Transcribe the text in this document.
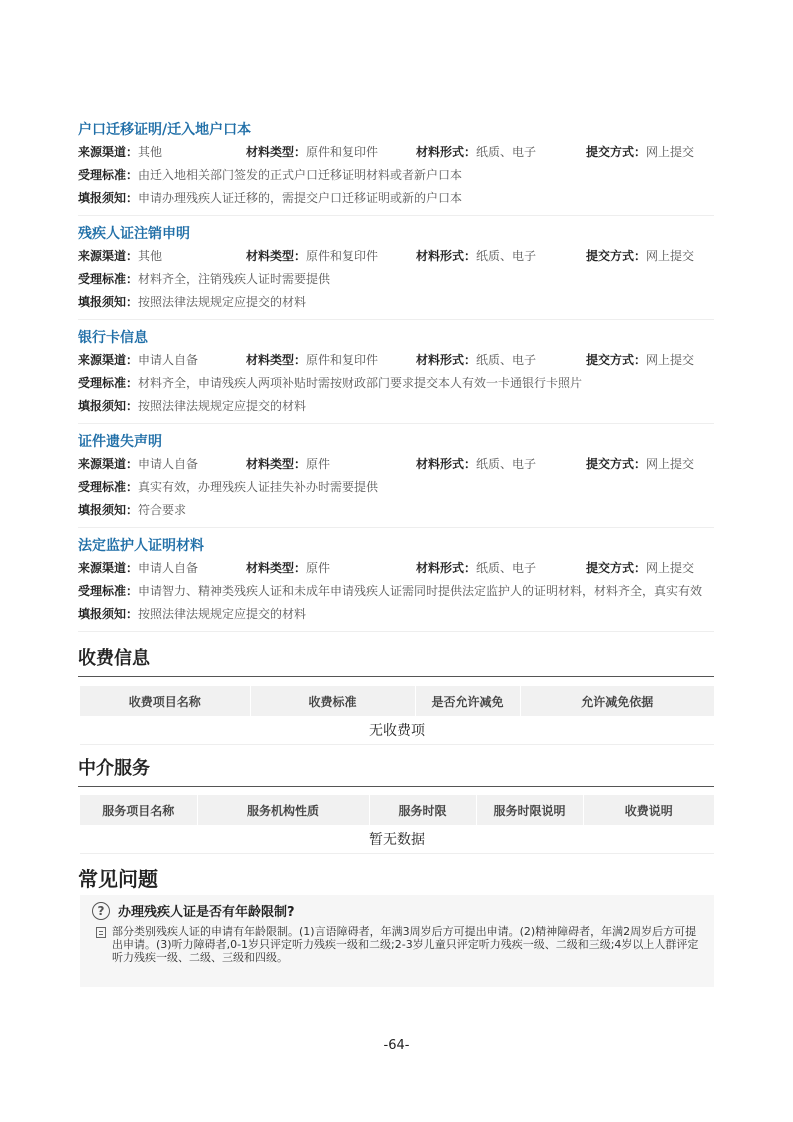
户口迁移证明/迁入地户口本
来源渠道：其他	材料类型：原件和复印件	材料形式：纸质、电子	提交方式：网上提交
受理标准：由迁入地相关部门签发的正式户口迁移证明材料或者新户口本
填报须知：申请办理残疾人证迁移的，需提交户口迁移证明或新的户口本
残疾人证注销申明
来源渠道：其他	材料类型：原件和复印件	材料形式：纸质、电子	提交方式：网上提交
受理标准：材料齐全，注销残疾人证时需要提供
填报须知：按照法律法规规定应提交的材料
银行卡信息
来源渠道：申请人自备	材料类型：原件和复印件	材料形式：纸质、电子	提交方式：网上提交
受理标准：材料齐全，申请残疾人两项补贴时需按财政部门要求提交本人有效一卡通银行卡照片
填报须知：按照法律法规规定应提交的材料
证件遗失声明
来源渠道：申请人自备	材料类型：原件	材料形式：纸质、电子	提交方式：网上提交
受理标准：真实有效，办理残疾人证挂失补办时需要提供
填报须知：符合要求
法定监护人证明材料
来源渠道：申请人自备	材料类型：原件	材料形式：纸质、电子	提交方式：网上提交
受理标准：申请智力、精神类残疾人证和未成年申请残疾人证需同时提供法定监护人的证明材料，材料齐全，真实有效
填报须知：按照法律法规规定应提交的材料
收费信息
收费项目名称	收费标准	是否允许减免	允许减免依据
无收费项
中介服务
服务项目名称	服务机构性质	服务时限	服务时限说明	收费说明
暂无数据
常见问题
?	办理残疾人证是否有年龄限制?
部分类别残疾人证的申请有年龄限制。(1)言语障碍者，年满3周岁后方可提出申请。(2)精神障碍者，年满2周岁后方可提出申请。(3)听力障碍者,0-1岁只评定听力残疾一级和二级;2-3岁儿童只评定听力残疾一级、二级和三级;4岁以上人群评定听力残疾一级、二级、三级和四级。
-64-
